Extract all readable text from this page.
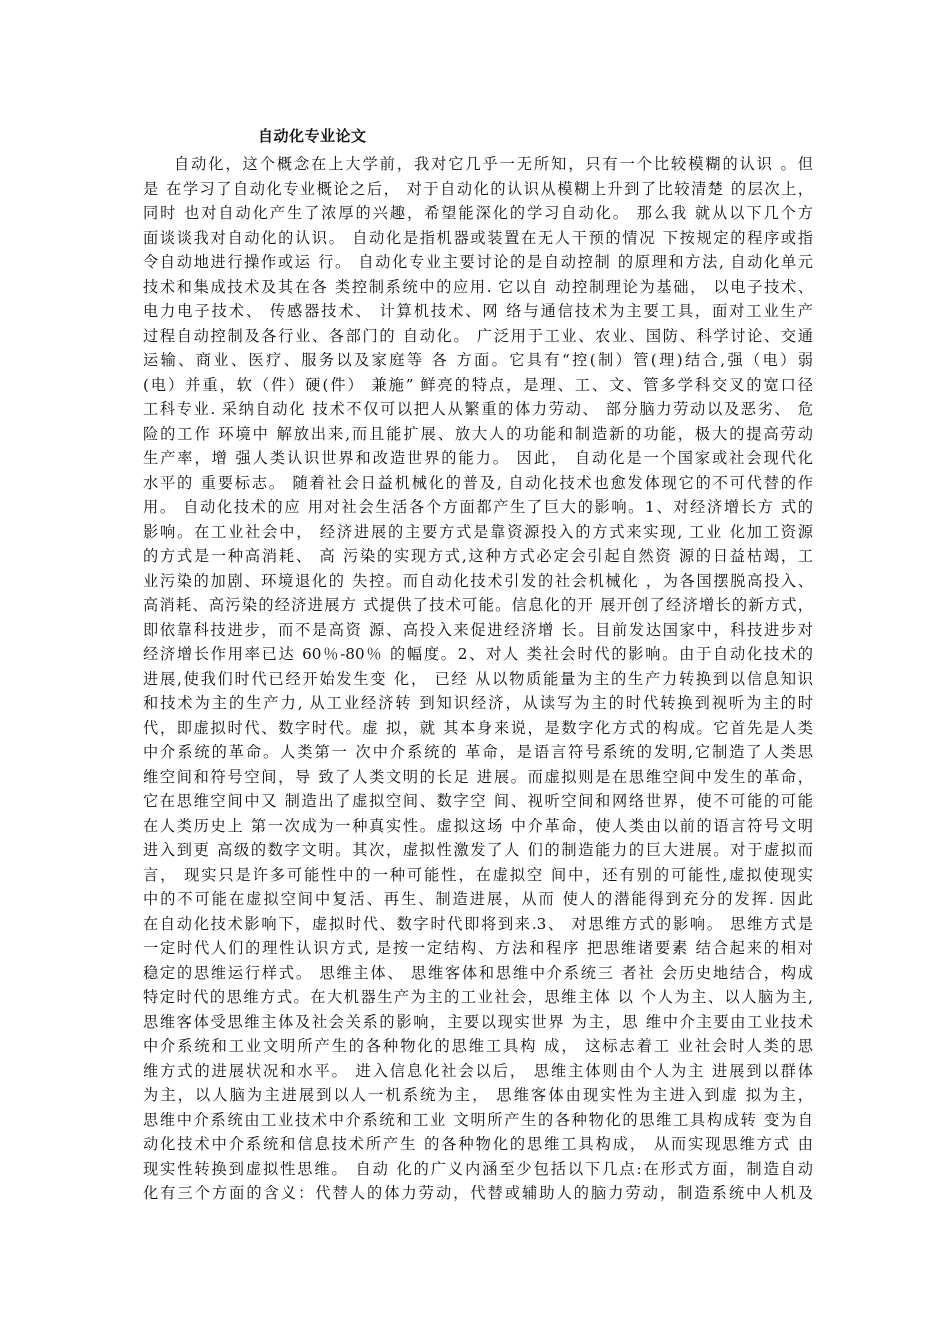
自动化专业论文
自动化，这个概念在上大学前，我对它几乎一无所知，只有一个比较模糊的认识 。但
是 在学习了自动化专业概论之后， 对于自动化的认识从模糊上升到了比较清楚 的层次上，
同时 也对自动化产生了浓厚的兴趣，希望能深化的学习自动化。 那么我 就从以下几个方
面谈谈我对自动化的认识。 自动化是指机器或装置在无人干预的情况 下按规定的程序或指
令自动地进行操作或运 行。 自动化专业主要讨论的是自动控制 的原理和方法, 自动化单元
技术和集成技术及其在各 类控制系统中的应用. 它以自 动控制理论为基础， 以电子技术、
电力电子技术、 传感器技术、 计算机技术、网 络与通信技术为主要工具，面对工业生产
过程自动控制及各行业、各部门的 自动化。 广泛用于工业、农业、国防、科学讨论、交通
运输、商业、医疗、服务以及家庭等 各 方面。它具有“控(制）管(理)结合,强（电）弱
(电）并重，软（件）硬(件） 兼施” 鲜亮的特点，是理、工、文、管多学科交叉的宽口径
工科专业. 采纳自动化 技术不仅可以把人从繁重的体力劳动、 部分脑力劳动以及恶劣、 危
险的工作 环境中 解放出来,而且能扩展、放大人的功能和制造新的功能，极大的提高劳动
生产率，增 强人类认识世界和改造世界的能力。 因此， 自动化是一个国家或社会现代化
水平的 重要标志。 随着社会日益机械化的普及, 自动化技术也愈发体现它的不可代替的作
用。 自动化技术的应 用对社会生活各个方面都产生了巨大的影响。1、对经济增长方 式的
影响。在工业社会中， 经济进展的主要方式是靠资源投入的方式来实现, 工业 化加工资源
的方式是一种高消耗、 高 污染的实现方式,这种方式必定会引起自然资 源的日益枯竭，工
业污染的加剧、环境退化的 失控。而自动化技术引发的社会机械化 ，为各国摆脱高投入、
高消耗、高污染的经济进展方 式提供了技术可能。信息化的开 展开创了经济增长的新方式，
即依靠科技进步，而不是高资 源、高投入来促进经济增 长。目前发达国家中，科技进步对
经济增长作用率已达 60％-80％ 的幅度。2、对人 类社会时代的影响。由于自动化技术的
进展,使我们时代已经开始发生变 化， 已经 从以物质能量为主的生产力转换到以信息知识
和技术为主的生产力, 从工业经济转 到知识经济，从读写为主的时代转换到视听为主的时
代，即虚拟时代、数字时代。虚 拟，就 其本身来说，是数字化方式的构成。它首先是人类
中介系统的革命。人类第一 次中介系统的 革命，是语言符号系统的发明,它制造了人类思
维空间和符号空间，导 致了人类文明的长足 进展。而虚拟则是在思维空间中发生的革命，
它在思维空间中又 制造出了虚拟空间、数字空 间、视听空间和网络世界，使不可能的可能
在人类历史上 第一次成为一种真实性。虚拟这场 中介革命，使人类由以前的语言符号文明
进入到更 高级的数字文明。其次，虚拟性激发了人 们的制造能力的巨大进展。对于虚拟而
言， 现实只是许多可能性中的一种可能性，在虚拟空 间中，还有别的可能性,虚拟使现实
中的不可能在虚拟空间中复活、再生、制造进展，从而 使人的潜能得到充分的发挥. 因此
在自动化技术影响下，虚拟时代、数字时代即将到来.3、 对思维方式的影响。 思维方式是
一定时代人们的理性认识方式, 是按一定结构、方法和程序 把思维诸要素 结合起来的相对
稳定的思维运行样式。 思维主体、 思维客体和思维中介系统三 者社 会历史地结合，构成
特定时代的思维方式。在大机器生产为主的工业社会，思维主体 以 个人为主、以人脑为主,
思维客体受思维主体及社会关系的影响，主要以现实世界 为主，思 维中介主要由工业技术
中介系统和工业文明所产生的各种物化的思维工具构 成， 这标志着工 业社会时人类的思
维方式的进展状况和水平。 进入信息化社会以后， 思维主体则由个人为主 进展到以群体
为主，以人脑为主进展到以人一机系统为主， 思维客体由现实性为主进入到虚 拟为主，
思维中介系统由工业技术中介系统和工业 文明所产生的各种物化的思维工具构成转 变为自
动化技术中介系统和信息技术所产生 的各种物化的思维工具构成， 从而实现思维方式 由
现实性转换到虚拟性思维。 自动 化的广义内涵至少包括以下几点:在形式方面，制造自动
化有三个方面的含义：代替人的体力劳动，代替或辅助人的脑力劳动，制造系统中人机及
